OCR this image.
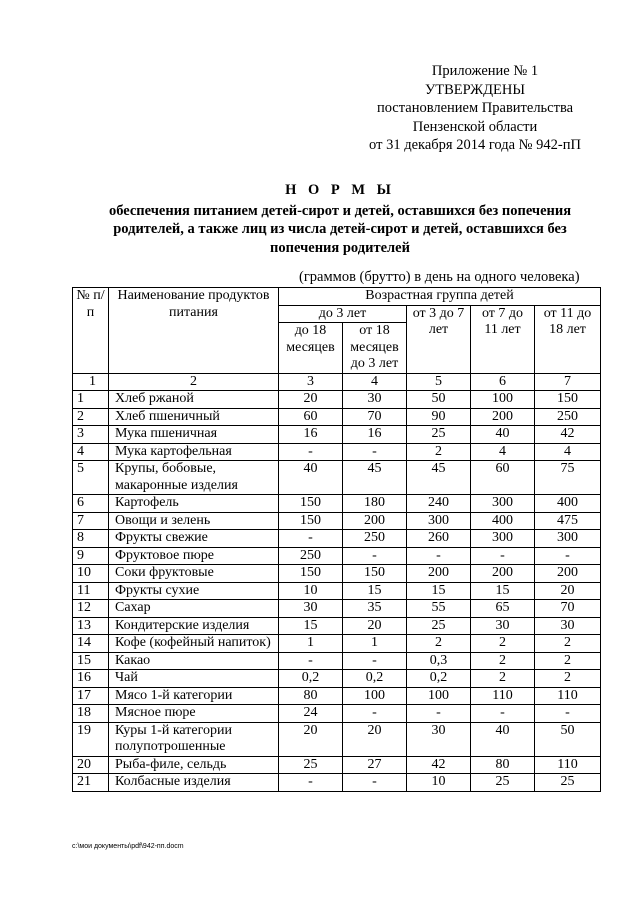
Приложение № 1
УТВЕРЖДЕНЫ
постановлением Правительства
Пензенской области
от 31 декабря 2014 года № 942-пП
Н О Р М Ы
обеспечения питанием детей-сирот и детей, оставшихся без попечения
родителей, а также лиц из числа детей-сирот и детей, оставшихся без
попечения родителей
(граммов (брутто) в день на одного человека)
№ п/п	Наименование продуктов питания	Возрастная группа детей				
		до 3 лет		от 3 до 7 лет	от 7 до 11 лет	от 11 до 18 лет
		до 18 месяцев	от 18 месяцев до 3 лет			
1	2	3	4	5	6	7
1	Хлеб ржаной	20	30	50	100	150
2	Хлеб пшеничный	60	70	90	200	250
3	Мука пшеничная	16	16	25	40	42
4	Мука картофельная	-	-	2	4	4
5	Крупы, бобовые, макаронные изделия	40	45	45	60	75
6	Картофель	150	180	240	300	400
7	Овощи и зелень	150	200	300	400	475
8	Фрукты свежие	-	250	260	300	300
9	Фруктовое пюре	250	-	-	-	-
10	Соки фруктовые	150	150	200	200	200
11	Фрукты сухие	10	15	15	15	20
12	Сахар	30	35	55	65	70
13	Кондитерские изделия	15	20	25	30	30
14	Кофе (кофейный напиток)	1	1	2	2	2
15	Какао	-	-	0,3	2	2
16	Чай	0,2	0,2	0,2	2	2
17	Мясо 1-й категории	80	100	100	110	110
18	Мясное пюре	24	-	-	-	-
19	Куры 1-й категории полупотрошенные	20	20	30	40	50
20	Рыба-филе, сельдь	25	27	42	80	110
21	Колбасные изделия	-	-	10	25	25
c:\мои документы\pdf\942-пп.docm
